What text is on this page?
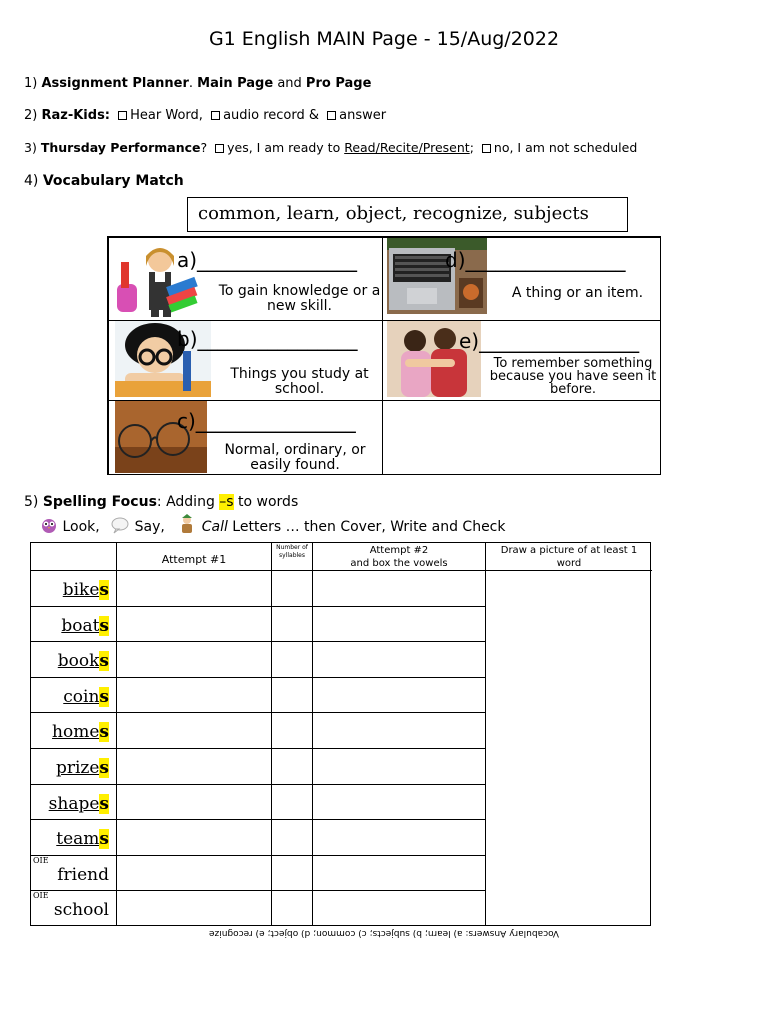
G1 English MAIN Page - 15/Aug/2022
1) Assignment Planner. Main Page and Pro Page
2) Raz-Kids: Hear Word, audio record & answer
3) Thursday Performance? yes, I am ready to Read/Recite/Present; no, I am not scheduled
4) Vocabulary Match
common, learn, object, recognize, subjects
a)________________
To gain knowledge or a new skill.
d)________________
A thing or an item.
b)________________
Things you study at school.
e)________________
To remember something because you have seen it before.
c)________________
Normal, ordinary, or easily found.
5) Spelling Focus: Adding –s to words
Look, Say,	Call Letters … then Cover, Write and Check
Attempt #1
Number of syllables	Attempt #2
and box the vowels
Draw a picture of at least 1 word
bikes
boats
books
coins
homes
prizes
shapes
teams
friend
OIE
school
OIE
Vocabulary Answers: a) learn; b) subjects; c) common; d) object; e) recognize
